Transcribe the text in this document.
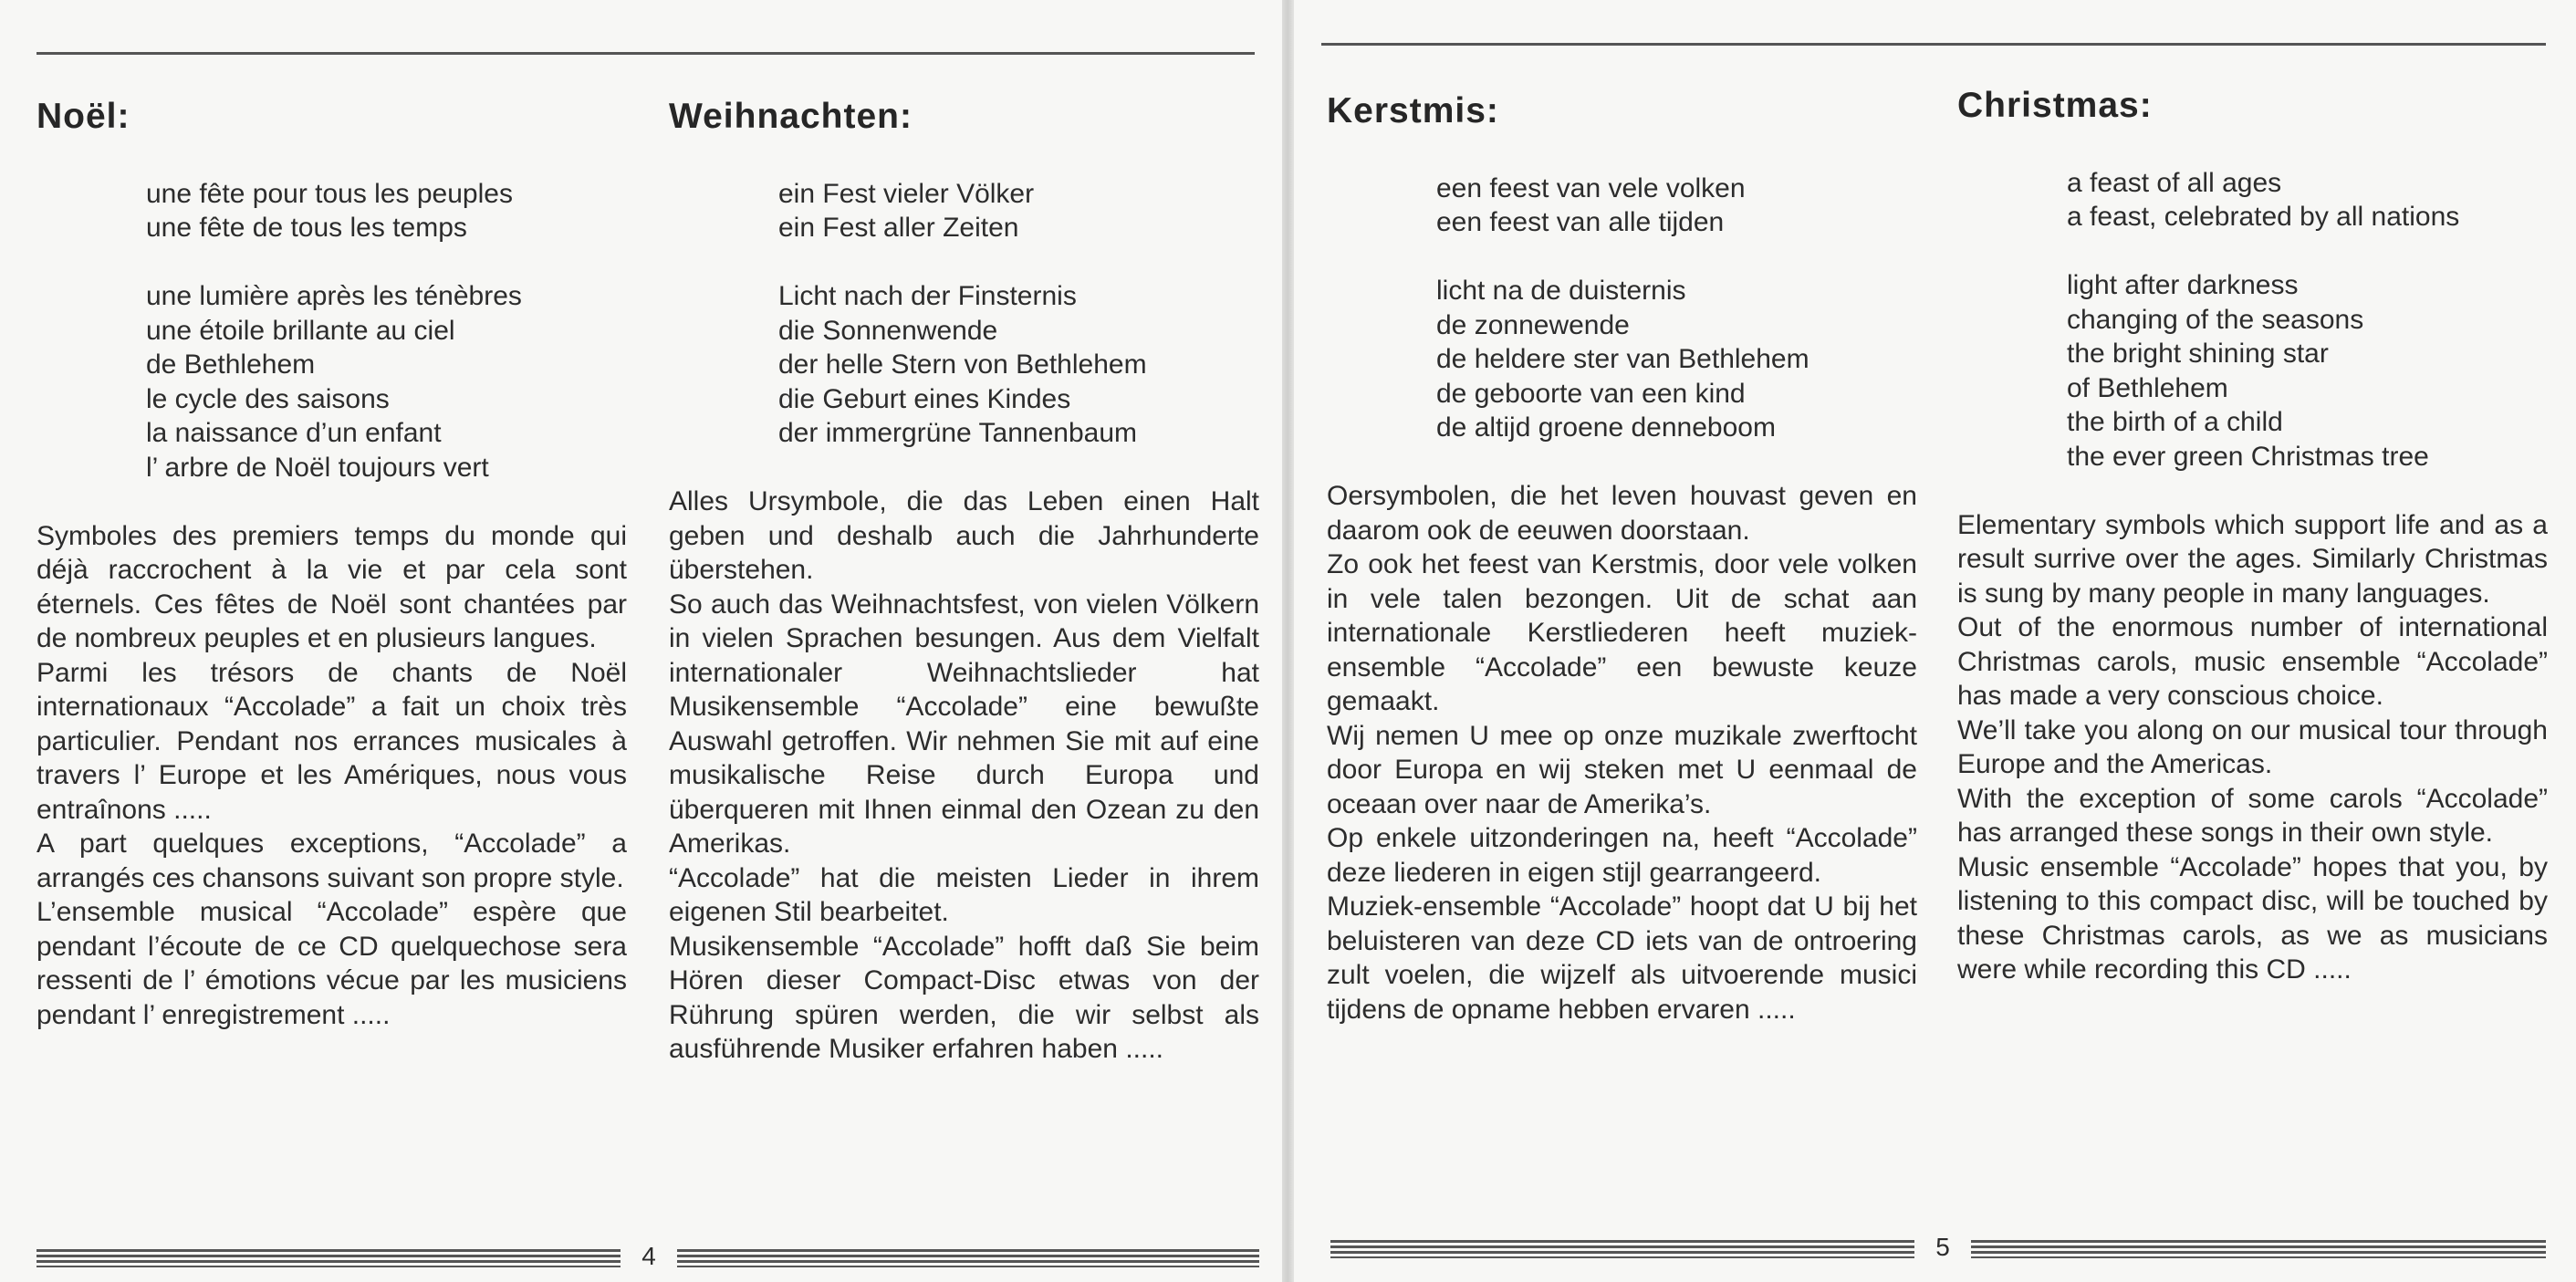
Noël:
une fête pour tous les peuples
une fête de tous les temps
une lumière après les ténèbres
une étoile brillante au ciel
de Bethlehem
le cycle des saisons
la naissance d’un enfant
l’ arbre de Noël toujours vert

Symboles des premiers temps du monde qui déjà raccrochent à la vie et par cela sont éternels. Ces fêtes de Noël sont chantées par de nombreux peuples et en plusieurs langues.

Parmi les trésors de chants de Noël internationaux “Accolade” a fait un choix très particulier. Pendant nos errances musicales à travers l’ Europe et les Amériques, nous vous entraînons .....

A part quelques exceptions, “Accolade” a arrangés ces chansons suivant son propre style.

L’ensemble musical “Accolade” espère que pendant l’écoute de ce CD quelquechose sera ressenti de l’ émotions vécue par les musiciens pendant l’ enregistrement .....

Weihnachten:
ein Fest vieler Völker
ein Fest aller Zeiten
Licht nach der Finsternis
die Sonnenwende
der helle Stern von Bethlehem
die Geburt eines Kindes
der immergrüne Tannenbaum

Alles Ursymbole, die das Leben einen Halt geben und deshalb auch die Jahrhunderte überstehen.

So auch das Weihnachtsfest, von vielen Völkern in vielen Sprachen besungen. Aus dem Vielfalt internationaler Weihnachtslieder hat Musikensemble “Accolade” eine bewußte Auswahl getroffen. Wir nehmen Sie mit auf eine musikalische Reise durch Europa und überqueren mit Ihnen einmal den Ozean zu den Amerikas.

“Accolade” hat die meisten Lieder in ihrem eigenen Stil bearbeitet.

Musikensemble “Accolade” hofft daß Sie beim Hören dieser Compact-Disc etwas von der Rührung spüren werden, die wir selbst als ausführende Musiker erfahren haben .....

4
Kerstmis:
een feest van vele volken
een feest van alle tijden
licht na de duisternis
de zonnewende
de heldere ster van Bethlehem
de geboorte van een kind
de altijd groene denneboom

Oersymbolen, die het leven houvast geven en daarom ook de eeuwen doorstaan.

Zo ook het feest van Kerstmis, door vele volken in vele talen bezongen. Uit de schat aan internationale Kerstliederen heeft muziek-ensemble “Accolade” een bewuste keuze gemaakt.

Wij nemen U mee op onze muzikale zwerftocht door Europa en wij steken met U eenmaal de oceaan over naar de Amerika’s.

Op enkele uitzonderingen na, heeft “Accolade” deze liederen in eigen stijl gearrangeerd.

Muziek-ensemble “Accolade” hoopt dat U bij het beluisteren van deze CD iets van de ontroering zult voelen, die wijzelf als uitvoerende musici tijdens de opname hebben ervaren .....

Christmas:
a feast of all ages
a feast, celebrated by all nations
light after darkness
changing of the seasons
the bright shining star
of Bethlehem
the birth of a child
the ever green Christmas tree

Elementary symbols which support life and as a result surrive over the ages. Similarly Christmas is sung by many people in many languages.

Out of the enormous number of international Christmas carols, music ensemble “Accolade” has made a very conscious choice.

We’ll take you along on our musical tour through Europe and the Americas.

With the exception of some carols “Accolade” has arranged these songs in their own style.

Music ensemble “Accolade” hopes that you, by listening to this compact disc, will be touched by these Christmas carols, as we as musicians were while recording this CD .....

5
